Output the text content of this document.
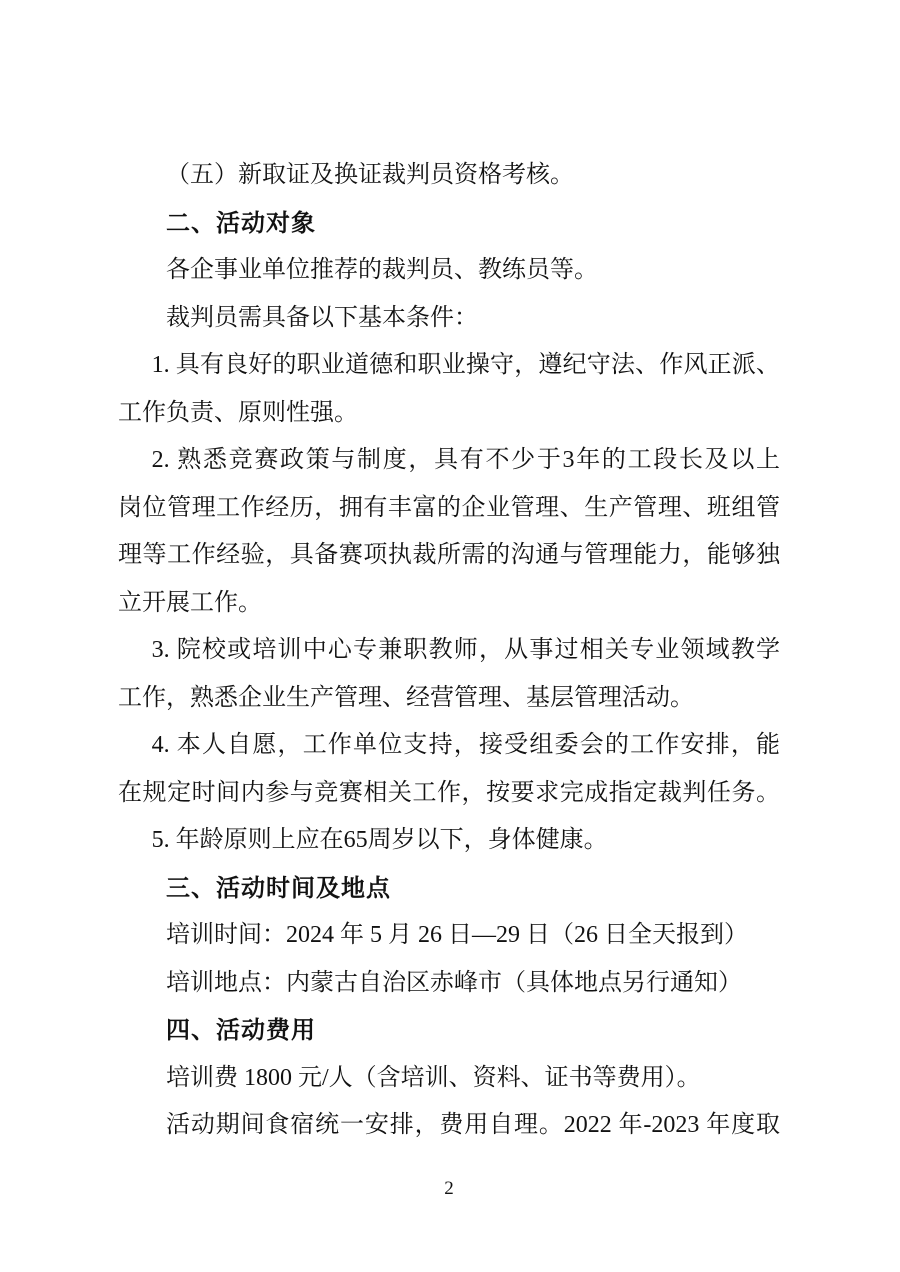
（五）新取证及换证裁判员资格考核。
二、活动对象
各企事业单位推荐的裁判员、教练员等。
裁判员需具备以下基本条件：
1. 具有良好的职业道德和职业操守，遵纪守法、作风正派、
工作负责、原则性强。
2. 熟悉竞赛政策与制度，具有不少于3年的工段长及以上
岗位管理工作经历，拥有丰富的企业管理、生产管理、班组管
理等工作经验，具备赛项执裁所需的沟通与管理能力，能够独
立开展工作。
3. 院校或培训中心专兼职教师，从事过相关专业领域教学
工作，熟悉企业生产管理、经营管理、基层管理活动。
4. 本人自愿，工作单位支持，接受组委会的工作安排，能
在规定时间内参与竞赛相关工作，按要求完成指定裁判任务。
5. 年龄原则上应在65周岁以下，身体健康。
三、活动时间及地点
培训时间：2024 年 5 月 26 日—29 日（26 日全天报到）
培训地点：内蒙古自治区赤峰市（具体地点另行通知）
四、活动费用
培训费 1800 元/人（含培训、资料、证书等费用）。
活动期间食宿统一安排，费用自理。2022 年-2023 年度取
2
